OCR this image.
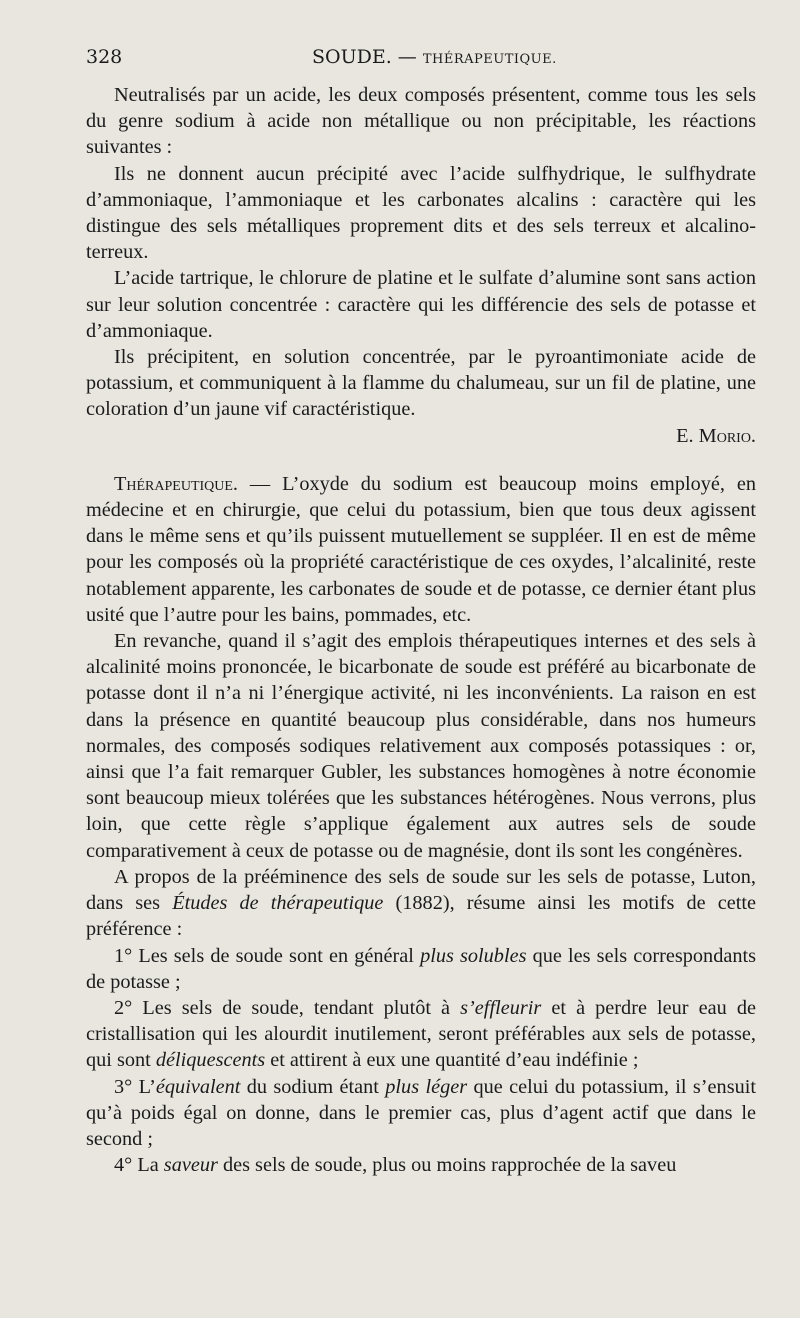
328	SOUDE. — THÉRAPEUTIQUE.

Neutralisés par un acide, les deux composés présentent, comme tous les sels du genre sodium à acide non métallique ou non précipitable, les réactions suivantes :

Ils ne donnent aucun précipité avec l’acide sulfhydrique, le sulfhydrate d’ammoniaque, l’ammoniaque et les carbonates alcalins : caractère qui les distingue des sels métalliques proprement dits et des sels terreux et alcalino-terreux.

L’acide tartrique, le chlorure de platine et le sulfate d’alumine sont sans action sur leur solution concentrée : caractère qui les différencie des sels de potasse et d’ammoniaque.

Ils précipitent, en solution concentrée, par le pyroantimoniate acide de potassium, et communiquent à la flamme du chalumeau, sur un fil de platine, une coloration d’un jaune vif caractéristique.

E. Morio.

Thérapeutique. — L’oxyde du sodium est beaucoup moins employé, en médecine et en chirurgie, que celui du potassium, bien que tous deux agissent dans le même sens et qu’ils puissent mutuellement se suppléer. Il en est de même pour les composés où la propriété caractéristique de ces oxydes, l’alcalinité, reste notablement apparente, les carbonates de soude et de potasse, ce dernier étant plus usité que l’autre pour les bains, pommades, etc.

En revanche, quand il s’agit des emplois thérapeutiques internes et des sels à alcalinité moins prononcée, le bicarbonate de soude est préféré au bicarbonate de potasse dont il n’a ni l’énergique activité, ni les inconvénients. La raison en est dans la présence en quantité beaucoup plus considérable, dans nos humeurs normales, des composés sodiques relativement aux composés potassiques : or, ainsi que l’a fait remarquer Gubler, les substances homogènes à notre économie sont beaucoup mieux tolérées que les substances hétérogènes. Nous verrons, plus loin, que cette règle s’applique également aux autres sels de soude comparativement à ceux de potasse ou de magnésie, dont ils sont les congénères.

A propos de la prééminence des sels de soude sur les sels de potasse, Luton, dans ses Études de thérapeutique (1882), résume ainsi les motifs de cette préférence :

1° Les sels de soude sont en général plus solubles que les sels correspondants de potasse ;

2° Les sels de soude, tendant plutôt à s’effleurir et à perdre leur eau de cristallisation qui les alourdit inutilement, seront préférables aux sels de potasse, qui sont déliquescents et attirent à eux une quantité d’eau indéfinie ;

3° L’équivalent du sodium étant plus léger que celui du potassium, il s’ensuit qu’à poids égal on donne, dans le premier cas, plus d’agent actif que dans le second ;

4° La saveur des sels de soude, plus ou moins rapprochée de la saveu
